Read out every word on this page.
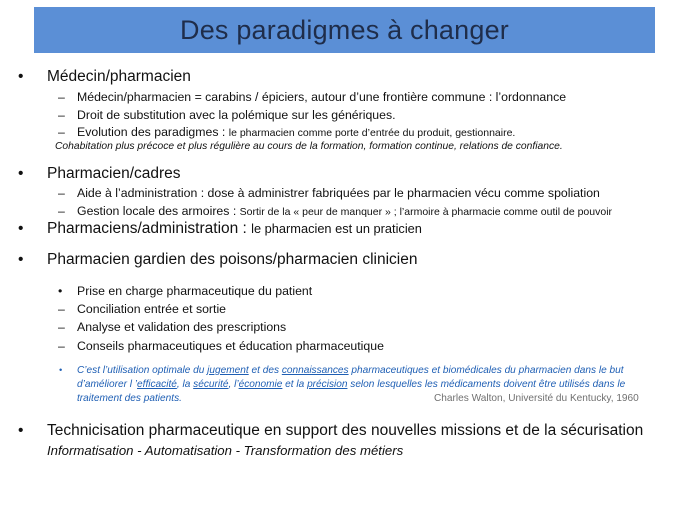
Des paradigmes à changer
• Médecin/pharmacien
– Médecin/pharmacien = carabins / épiciers, autour d’une frontière commune : l’ordonnance
– Droit de substitution avec la polémique sur les génériques.
– Evolution des paradigmes : le pharmacien comme porte d’entrée du produit, gestionnaire.
Cohabitation plus précoce et plus régulière au cours de la formation, formation continue, relations de confiance.
• Pharmacien/cadres
– Aide à l’administration : dose à administrer fabriquées par le pharmacien vécu comme spoliation
– Gestion locale des armoires : Sortir de la « peur de manquer » ; l’armoire à pharmacie comme outil de pouvoir
• Pharmaciens/administration : le pharmacien est un praticien
• Pharmacien gardien des poisons/pharmacien clinicien
• Prise en charge pharmaceutique du patient
– Conciliation entrée et sortie
– Analyse et validation des prescriptions
– Conseils pharmaceutiques et éducation pharmaceutique
• C’est l’utilisation optimale du jugement et des connaissances pharmaceutiques et biomédicales du pharmacien dans le but d’améliorer l ’efficacité, la sécurité, l’économie et la précision selon lesquelles les médicaments doivent être utilisés dans le traitement des patients.	Charles Walton, Université du Kentucky, 1960
• Technicisation pharmaceutique en support des nouvelles missions et de la sécurisation
Informatisation - Automatisation - Transformation des métiers
